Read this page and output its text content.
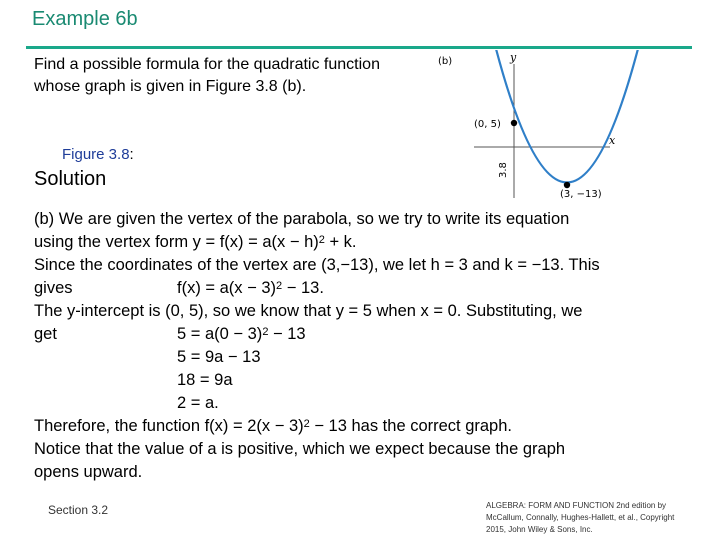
Example 6b
Find a possible formula for the quadratic function whose graph is given in Figure 3.8 (b).
Figure 3.8:
Solution
(b)	y
x
(0, 5)
3.8
(3, −13)
(b) We are given the vertex of the parabola, so we try to write its equation
using the vertex form $y = f(x) = a(x - h)^2 + k$.
Since the coordinates of the vertex are (3,−13), we let h = 3 and k = −13. This
gives	$f(x) = a(x - 3)^2 - 13$.
The y-intercept is (0, 5), so we know that y = 5 when x = 0. Substituting, we
get	$5 = a(0 - 3)^2 - 13$
5 = 9a − 13
18 = 9a
2 = a.
Therefore, the function $f(x) = 2(x - 3)^2 - 13$ has the correct graph.
Notice that the value of a is positive, which we expect because the graph
opens upward.
Section 3.2	ALGEBRA: FORM AND FUNCTION 2nd edition by McCallum, Connally, Hughes-Hallett, et al., Copyright 2015, John Wiley & Sons, Inc.
